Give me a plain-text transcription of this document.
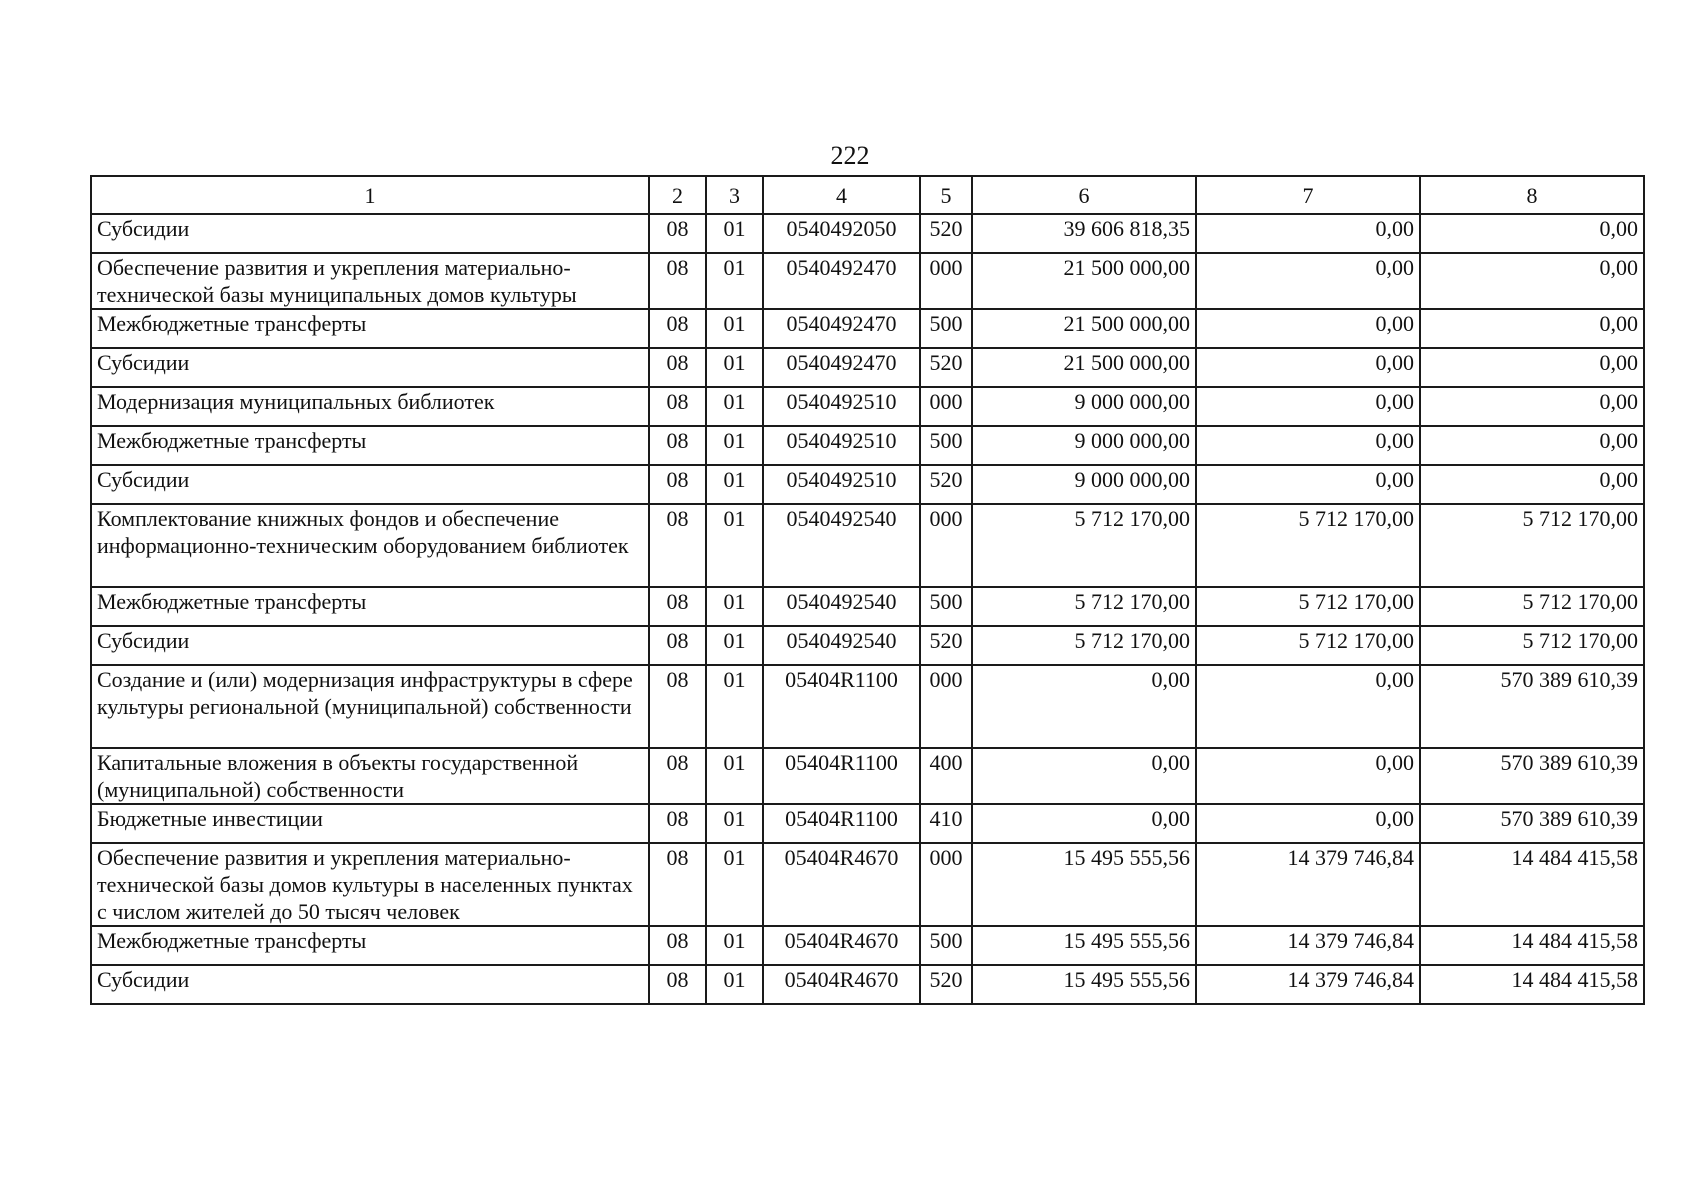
222
1	2	3	4	5	6	7	8
Субсидии	08	01	0540492050	520	39 606 818,35	0,00	0,00
Обеспечение развития и укрепления материально-технической базы муниципальных домов культуры	08	01	0540492470	000	21 500 000,00	0,00	0,00
Межбюджетные трансферты	08	01	0540492470	500	21 500 000,00	0,00	0,00
Субсидии	08	01	0540492470	520	21 500 000,00	0,00	0,00
Модернизация муниципальных библиотек	08	01	0540492510	000	9 000 000,00	0,00	0,00
Межбюджетные трансферты	08	01	0540492510	500	9 000 000,00	0,00	0,00
Субсидии	08	01	0540492510	520	9 000 000,00	0,00	0,00
Комплектование книжных фондов и обеспечение информационно-техническим оборудованием библиотек	08	01	0540492540	000	5 712 170,00	5 712 170,00	5 712 170,00
Межбюджетные трансферты	08	01	0540492540	500	5 712 170,00	5 712 170,00	5 712 170,00
Субсидии	08	01	0540492540	520	5 712 170,00	5 712 170,00	5 712 170,00
Создание и (или) модернизация инфраструктуры в сфере культуры региональной (муниципальной) собственности	08	01	05404R1100	000	0,00	0,00	570 389 610,39
Капитальные вложения в объекты государственной (муниципальной) собственности	08	01	05404R1100	400	0,00	0,00	570 389 610,39
Бюджетные инвестиции	08	01	05404R1100	410	0,00	0,00	570 389 610,39
Обеспечение развития и укрепления материально-технической базы домов культуры в населенных пунктах с числом жителей до 50 тысяч человек	08	01	05404R4670	000	15 495 555,56	14 379 746,84	14 484 415,58
Межбюджетные трансферты	08	01	05404R4670	500	15 495 555,56	14 379 746,84	14 484 415,58
Субсидии	08	01	05404R4670	520	15 495 555,56	14 379 746,84	14 484 415,58
